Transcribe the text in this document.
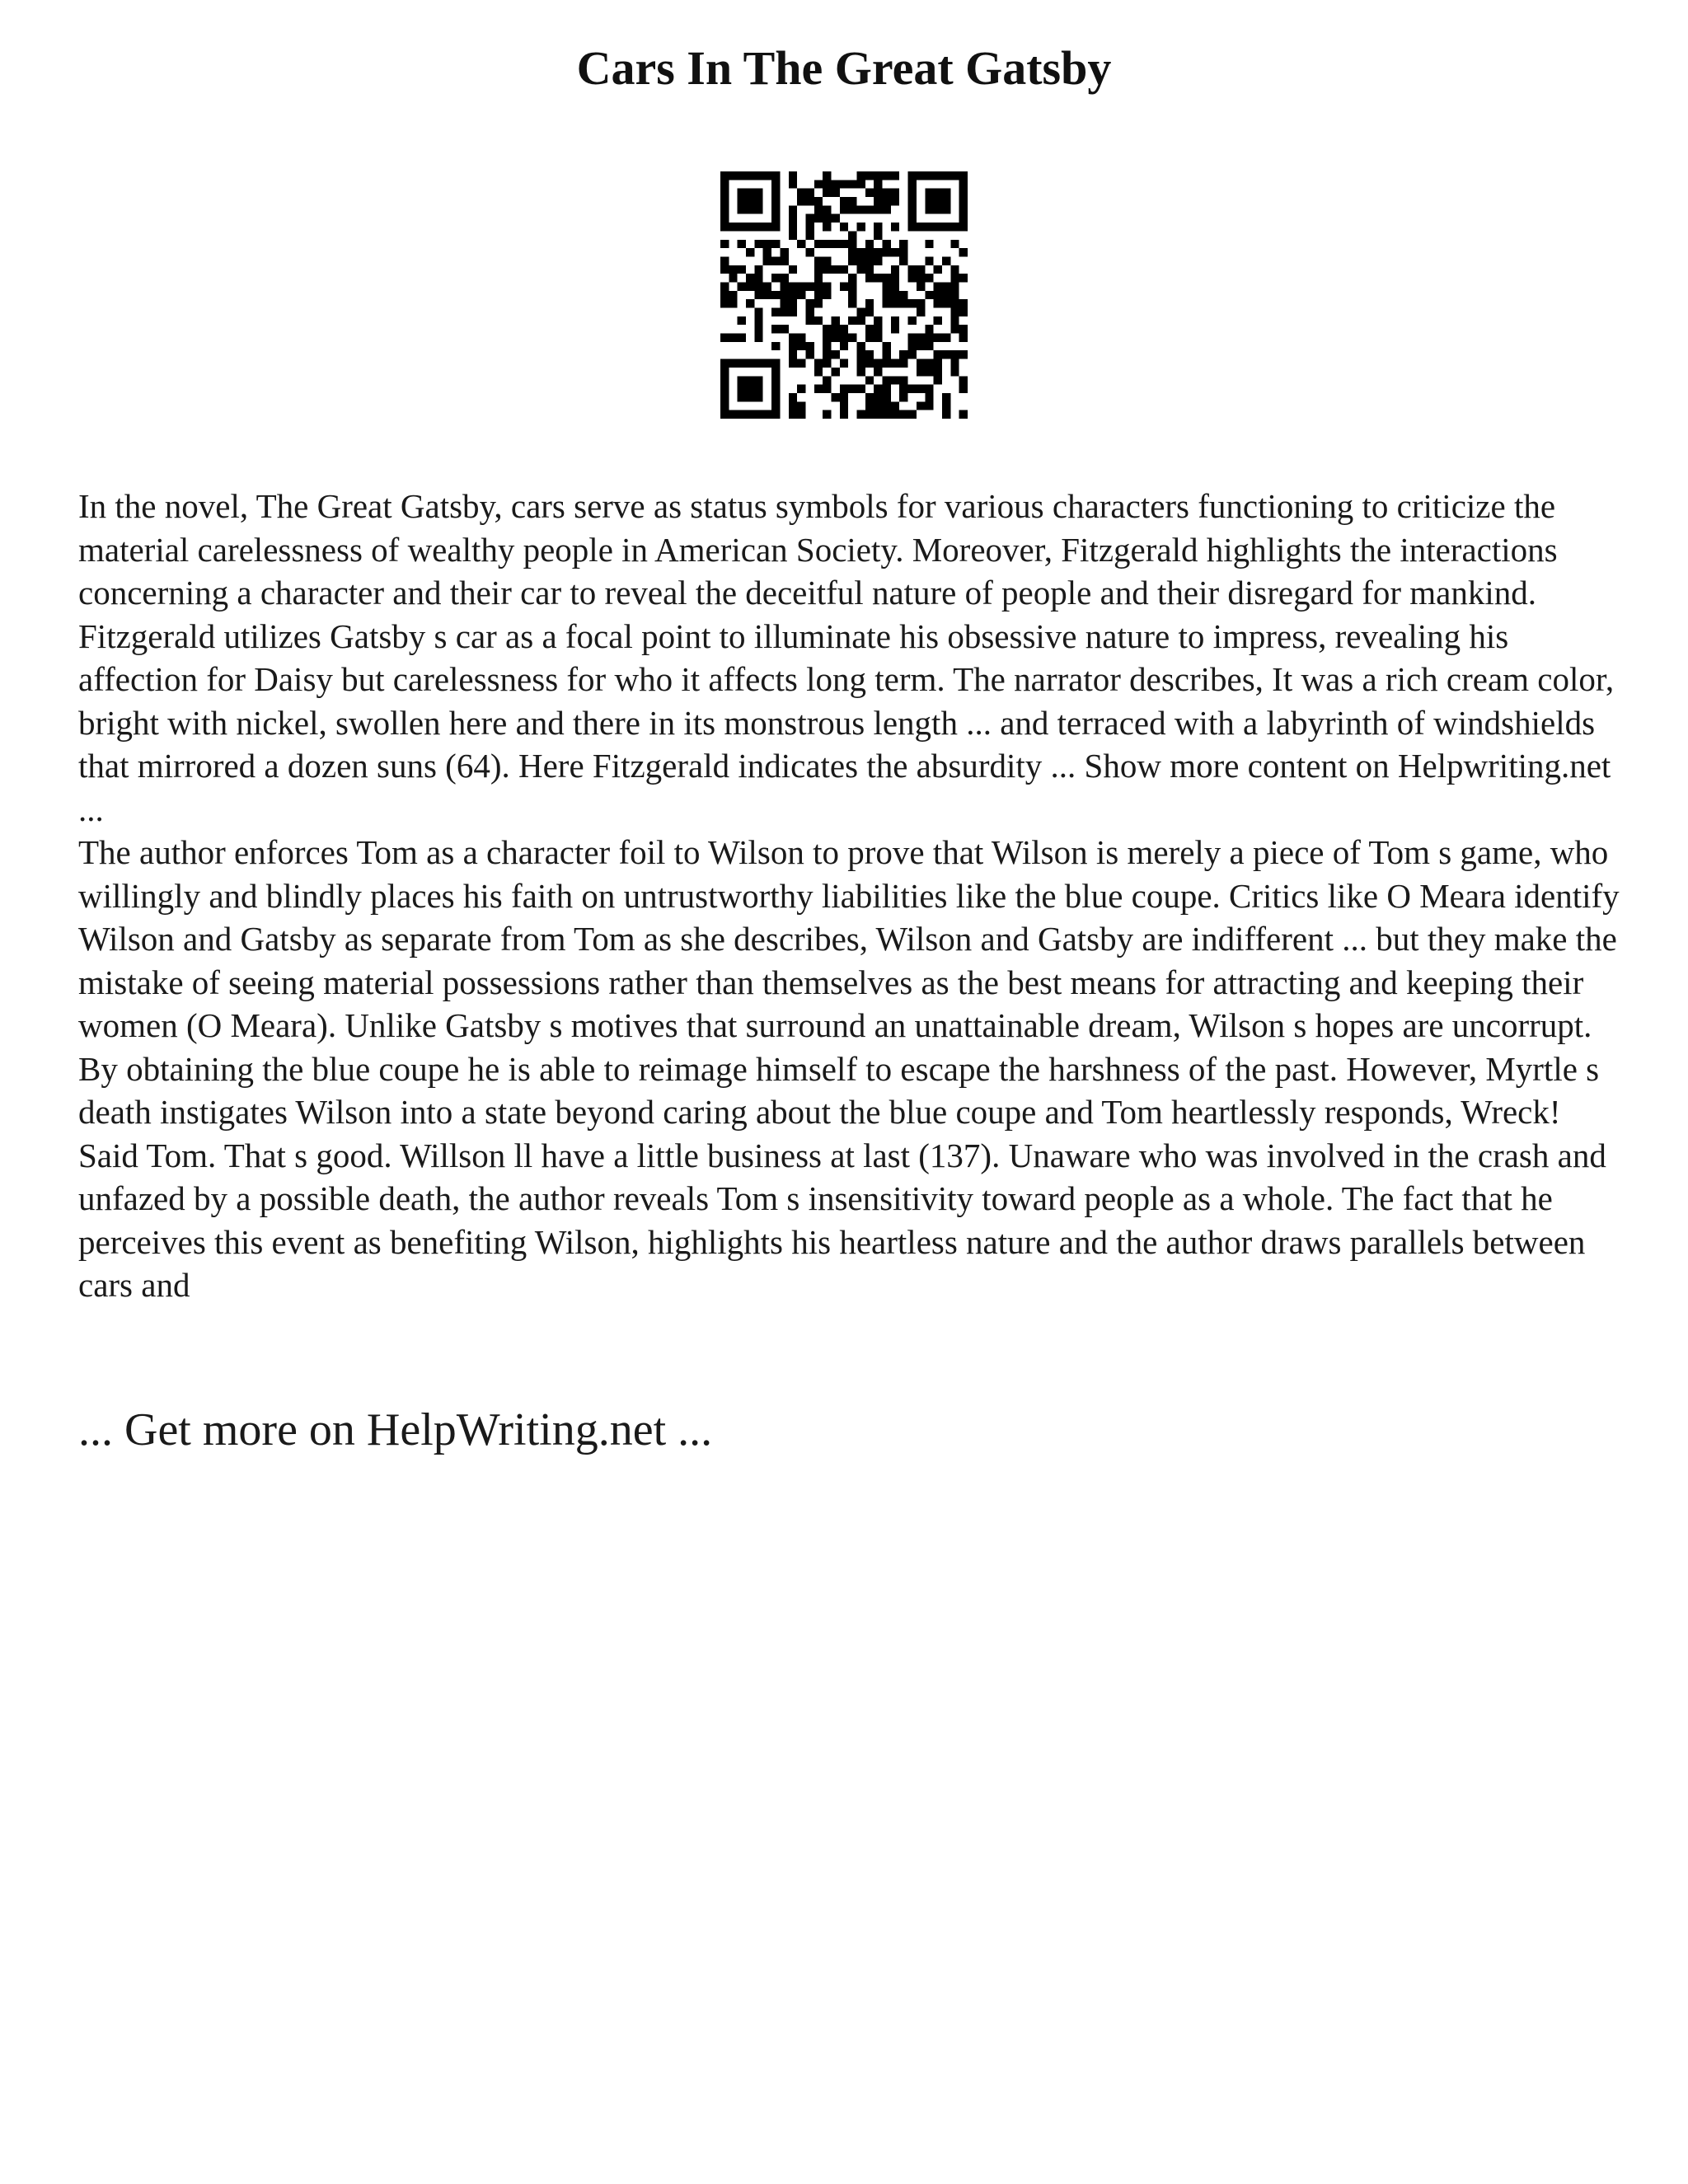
Cars In The Great Gatsby

In the novel, The Great Gatsby, cars serve as status symbols for various characters functioning to criticize the material carelessness of wealthy people in American Society. Moreover, Fitzgerald highlights the interactions concerning a character and their car to reveal the deceitful nature of people and their disregard for mankind. Fitzgerald utilizes Gatsby s car as a focal point to illuminate his obsessive nature to impress, revealing his affection for Daisy but carelessness for who it affects long term. The narrator describes, It was a rich cream color, bright with nickel, swollen here and there in its monstrous length ... and terraced with a labyrinth of windshields that mirrored a dozen suns (64). Here Fitzgerald indicates the absurdity ... Show more content on Helpwriting.net ...

The author enforces Tom as a character foil to Wilson to prove that Wilson is merely a piece of Tom s game, who willingly and blindly places his faith on untrustworthy liabilities like the blue coupe. Critics like O Meara identify Wilson and Gatsby as separate from Tom as she describes, Wilson and Gatsby are indifferent ... but they make the mistake of seeing material possessions rather than themselves as the best means for attracting and keeping their women (O Meara). Unlike Gatsby s motives that surround an unattainable dream, Wilson s hopes are uncorrupt. By obtaining the blue coupe he is able to reimage himself to escape the harshness of the past. However, Myrtle s death instigates Wilson into a state beyond caring about the blue coupe and Tom heartlessly responds, Wreck! Said Tom. That s good. Willson ll have a little business at last (137). Unaware who was involved in the crash and unfazed by a possible death, the author reveals Tom s insensitivity toward people as a whole. The fact that he perceives this event as benefiting Wilson, highlights his heartless nature and the author draws parallels between cars and

... Get more on HelpWriting.net ...
